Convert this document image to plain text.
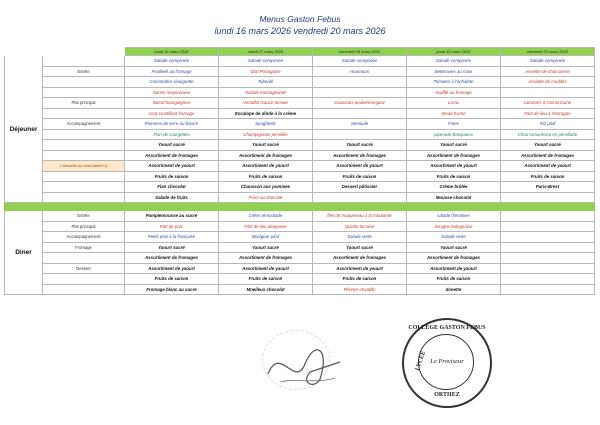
Menus Gaston Febus
lundi 16 mars 2026 vendredi 20 mars 2026
		lundi 16 mars 2026	mardi 17 mars 2026	mercredi 18 mars 2026	jeudi 19 mars 2026	vendredi 20 mars 2026
Déjeuner		Salade composée	Salade composée	Salade composée	Salade composée	Salade composée
	Entrée	Feuilleté au fromage	Œuf Portugaise	Houmous	Betteraves au mais	Assiette de charcuterie
		Concombre vinaigrette	Taboulé		Tomates à l'échalote	Assiette de crudités
		Surimi mayonnaise	Salade montagnarde		soufflé au fromage	
	Plat principal	Boeuf bourguignon	Vertaflot /sauce tomate	Couscous poulet/merguez	Lerac	calamars à l'armoricaine
		croq-crustillant fromage	Escalope de dinde à la crème		Steak haché	Filet de lieu à l'estragon
	Accompagnement	Pommes de terre au beurre	Spaghettis	Semoule	Frites	Riz pilaf
		Flan de courgettes	Champignons persillés		piperade Basquaise	Chou romanesco en persillade
		Yaourt sucré	Yaourt sucré	Yaourt sucré	Yaourt sucré	Yaourt sucré
		Assortiment de fromages	Assortiment de fromages	Assortiment de fromages	Assortiment de fromages	Assortiment de fromages
	2 Desserts au choix (laitier+1)	Assortiment de yaourt	Assortiment de yaourt	Assortiment de yaourt	Assortiment de yaourt	Assortiment de yaourt
		Fruits de saison	Fruits de saison	Fruits de saison	Fruits de saison	Fruits de saison
		Flan chocolat	Chausson aux pommes	Dessert pâtissier	Crème brûlée	Paris-Brest
		Salade de fruits	Poire au chocolat		Mousse chocolat	

Diner	Entrée	Pamplemousse au sucre	Céleri rémoulade	filet de maquereau à la moutarde	salade d'endives	
	Plat principal	Rôti de porc	Filet de lieu dieppoise	Quiche lorraine	lasagne bolognaise	
	Accompagnement	Petits pois à la française	Boulgour pilaf	Salade verte	Salade verte	
	Fromage	Yaourt sucré	Yaourt sucré	Yaourt sucré	Yaourt sucré	
		Assortiment de fromages	Assortiment de fromages	Assortiment de fromages	Assortiment de fromages	
	Dessert	Assortiment de yaourt	Assortiment de yaourt	Assortiment de yaourt	Assortiment de yaourt	
		Fruits de saison	Fruits de saison	Fruits de saison	Fruits de saison	
		Fromage blanc au sucre	Moelleux chocolat	Pêches chantilly	donette	
COLLEGE GASTON FEBUS
LYCEE Le Proviseur
ORTHEZ
